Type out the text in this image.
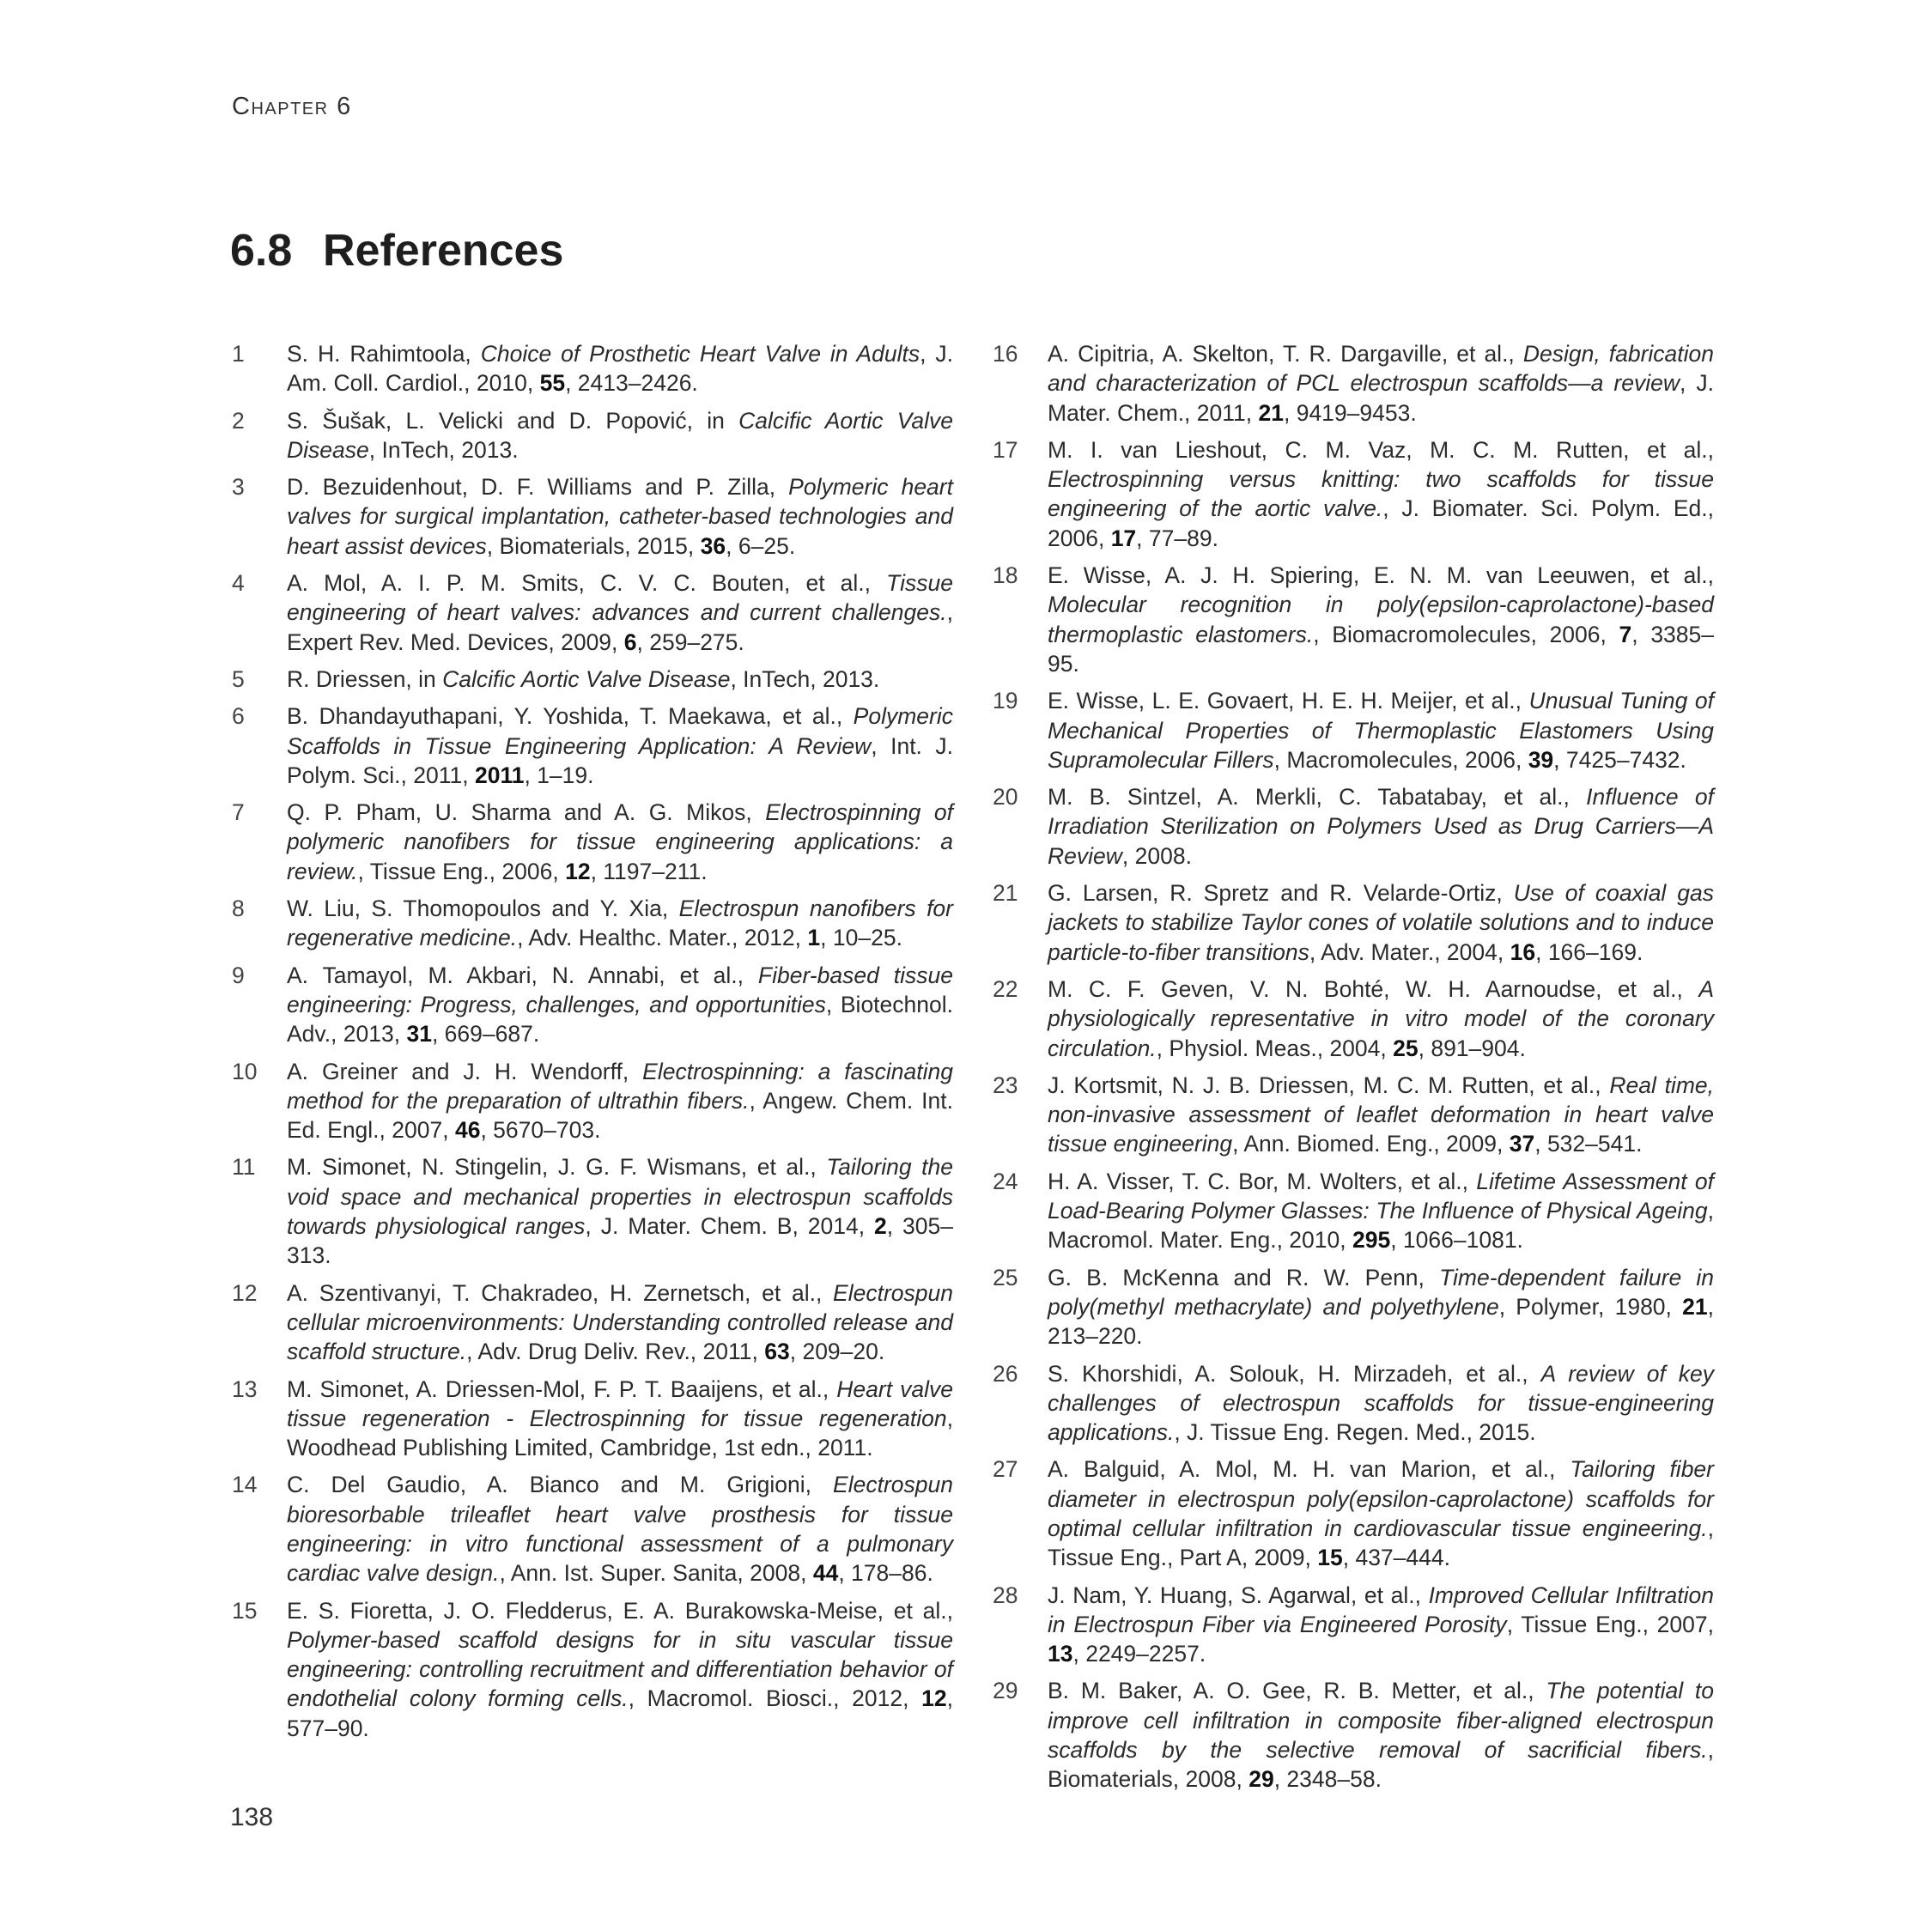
Chapter 6
6.8 References
1	S. H. Rahimtoola, Choice of Prosthetic Heart Valve in Adults, J. Am. Coll. Cardiol., 2010, 55, 2413–2426.
2	S. Šušak, L. Velicki and D. Popović, in Calcific Aortic Valve Disease, InTech, 2013.
3	D. Bezuidenhout, D. F. Williams and P. Zilla, Polymeric heart valves for surgical implantation, catheter-based technologies and heart assist devices, Biomaterials, 2015, 36, 6–25.
4	A. Mol, A. I. P. M. Smits, C. V. C. Bouten, et al., Tissue engineering of heart valves: advances and current challenges., Expert Rev. Med. Devices, 2009, 6, 259–275.
5	R. Driessen, in Calcific Aortic Valve Disease, InTech, 2013.
6	B. Dhandayuthapani, Y. Yoshida, T. Maekawa, et al., Polymeric Scaffolds in Tissue Engineering Application: A Review, Int. J. Polym. Sci., 2011, 2011, 1–19.
7	Q. P. Pham, U. Sharma and A. G. Mikos, Electrospinning of polymeric nanofibers for tissue engineering applications: a review., Tissue Eng., 2006, 12, 1197–211.
8	W. Liu, S. Thomopoulos and Y. Xia, Electrospun nanofibers for regenerative medicine., Adv. Healthc. Mater., 2012, 1, 10–25.
9	A. Tamayol, M. Akbari, N. Annabi, et al., Fiber-based tissue engineering: Progress, challenges, and opportunities, Biotechnol. Adv., 2013, 31, 669–687.
10	A. Greiner and J. H. Wendorff, Electrospinning: a fascinating method for the preparation of ultrathin fibers., Angew. Chem. Int. Ed. Engl., 2007, 46, 5670–703.
11	M. Simonet, N. Stingelin, J. G. F. Wismans, et al., Tailoring the void space and mechanical properties in electrospun scaffolds towards physiological ranges, J. Mater. Chem. B, 2014, 2, 305–313.
12	A. Szentivanyi, T. Chakradeo, H. Zernetsch, et al., Electrospun cellular microenvironments: Understanding controlled release and scaffold structure., Adv. Drug Deliv. Rev., 2011, 63, 209–20.
13	M. Simonet, A. Driessen-Mol, F. P. T. Baaijens, et al., Heart valve tissue regeneration - Electrospinning for tissue regeneration, Woodhead Publishing Limited, Cambridge, 1st edn., 2011.
14	C. Del Gaudio, A. Bianco and M. Grigioni, Electrospun bioresorbable trileaflet heart valve prosthesis for tissue engineering: in vitro functional assessment of a pulmonary cardiac valve design., Ann. Ist. Super. Sanita, 2008, 44, 178–86.
15	E. S. Fioretta, J. O. Fledderus, E. A. Burakowska-Meise, et al., Polymer-based scaffold designs for in situ vascular tissue engineering: controlling recruitment and differentiation behavior of endothelial colony forming cells., Macromol. Biosci., 2012, 12, 577–90.
16	A. Cipitria, A. Skelton, T. R. Dargaville, et al., Design, fabrication and characterization of PCL electrospun scaffolds—a review, J. Mater. Chem., 2011, 21, 9419–9453.
17	M. I. van Lieshout, C. M. Vaz, M. C. M. Rutten, et al., Electrospinning versus knitting: two scaffolds for tissue engineering of the aortic valve., J. Biomater. Sci. Polym. Ed., 2006, 17, 77–89.
18	E. Wisse, A. J. H. Spiering, E. N. M. van Leeuwen, et al., Molecular recognition in poly(epsilon-caprolactone)-based thermoplastic elastomers., Biomacromolecules, 2006, 7, 3385–95.
19	E. Wisse, L. E. Govaert, H. E. H. Meijer, et al., Unusual Tuning of Mechanical Properties of Thermoplastic Elastomers Using Supramolecular Fillers, Macromolecules, 2006, 39, 7425–7432.
20	M. B. Sintzel, A. Merkli, C. Tabatabay, et al., Influence of Irradiation Sterilization on Polymers Used as Drug Carriers—A Review, 2008.
21	G. Larsen, R. Spretz and R. Velarde-Ortiz, Use of coaxial gas jackets to stabilize Taylor cones of volatile solutions and to induce particle-to-fiber transitions, Adv. Mater., 2004, 16, 166–169.
22	M. C. F. Geven, V. N. Bohté, W. H. Aarnoudse, et al., A physiologically representative in vitro model of the coronary circulation., Physiol. Meas., 2004, 25, 891–904.
23	J. Kortsmit, N. J. B. Driessen, M. C. M. Rutten, et al., Real time, non-invasive assessment of leaflet deformation in heart valve tissue engineering, Ann. Biomed. Eng., 2009, 37, 532–541.
24	H. A. Visser, T. C. Bor, M. Wolters, et al., Lifetime Assessment of Load-Bearing Polymer Glasses: The Influence of Physical Ageing, Macromol. Mater. Eng., 2010, 295, 1066–1081.
25	G. B. McKenna and R. W. Penn, Time-dependent failure in poly(methyl methacrylate) and polyethylene, Polymer, 1980, 21, 213–220.
26	S. Khorshidi, A. Solouk, H. Mirzadeh, et al., A review of key challenges of electrospun scaffolds for tissue-engineering applications., J. Tissue Eng. Regen. Med., 2015.
27	A. Balguid, A. Mol, M. H. van Marion, et al., Tailoring fiber diameter in electrospun poly(epsilon-caprolactone) scaffolds for optimal cellular infiltration in cardiovascular tissue engineering., Tissue Eng., Part A, 2009, 15, 437–444.
28	J. Nam, Y. Huang, S. Agarwal, et al., Improved Cellular Infiltration in Electrospun Fiber via Engineered Porosity, Tissue Eng., 2007, 13, 2249–2257.
29	B. M. Baker, A. O. Gee, R. B. Metter, et al., The potential to improve cell infiltration in composite fiber-aligned electrospun scaffolds by the selective removal of sacrificial fibers., Biomaterials, 2008, 29, 2348–58.
138
